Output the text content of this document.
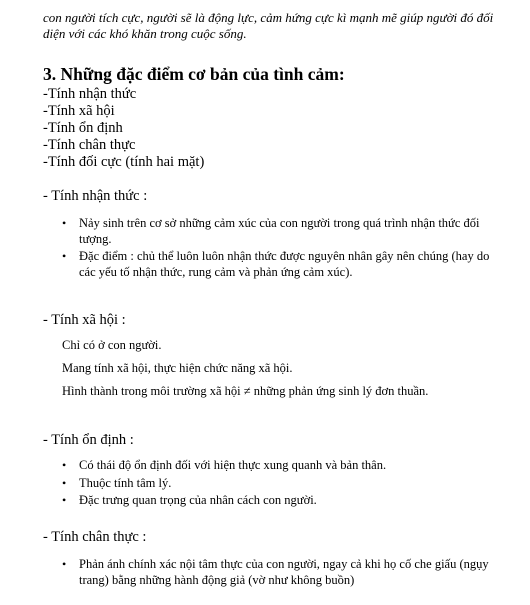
con người tích cực, người sẽ là động lực, cảm hứng cực kì mạnh mẽ giúp người đó đối diện với các khó khăn trong cuộc sống.
3. Những đặc điểm cơ bản của tình cảm:
-Tính nhận thức
-Tính xã hội
-Tính ổn định
-Tính chân thực
-Tính đối cực (tính hai mặt)
- Tính nhận thức :
•	Nảy sinh trên cơ sở những cảm xúc của con người trong quá trình nhận thức đối tượng.
•	Đặc điểm : chủ thể luôn luôn nhận thức được nguyên nhân gây nên chúng (hay do các yếu tố nhận thức, rung cảm và phản ứng cảm xúc).
- Tính xã hội :
Chỉ có ở con người.
Mang tính xã hội, thực hiện chức năng xã hội.
Hình thành trong môi trường xã hội ≠ những phản ứng sinh lý đơn thuần.
- Tính ổn định :
•	Có thái độ ổn định đối với hiện thực xung quanh và bản thân.
•	Thuộc tính tâm lý.
•	Đặc trưng quan trọng của nhân cách con người.
- Tính chân thực :
•	Phản ánh chính xác nội tâm thực của con người, ngay cả khi họ cố che giấu (ngụy trang) bằng những hành động giả (vờ như không buồn)
